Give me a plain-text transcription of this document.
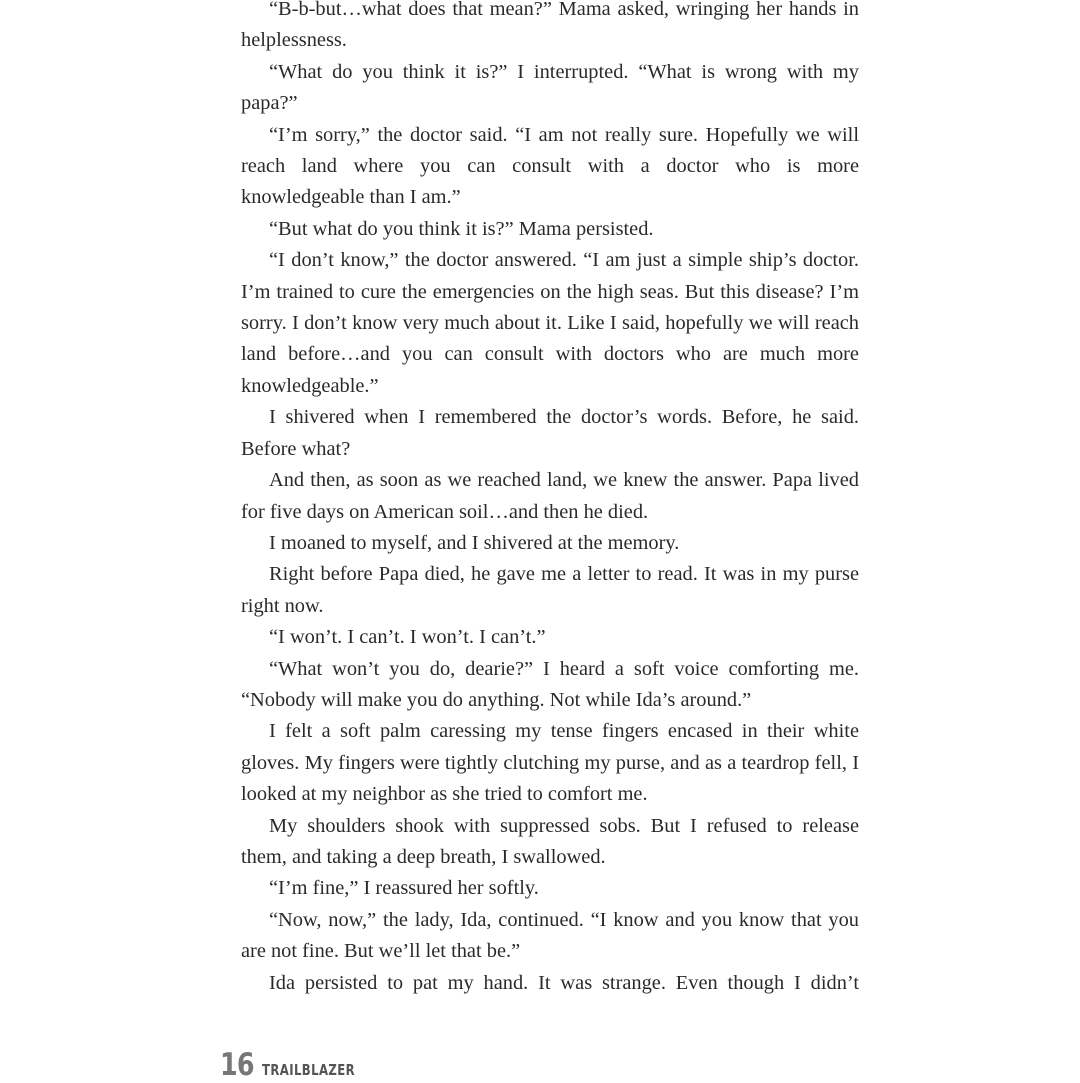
“B-b-but…what does that mean?” Mama asked, wringing her hands in helplessness.

“What do you think it is?” I interrupted. “What is wrong with my papa?”

“I’m sorry,” the doctor said. “I am not really sure. Hopefully we will reach land where you can consult with a doctor who is more knowledgeable than I am.”

“But what do you think it is?” Mama persisted.

“I don’t know,” the doctor answered. “I am just a simple ship’s doctor. I’m trained to cure the emergencies on the high seas. But this disease? I’m sorry. I don’t know very much about it. Like I said, hopefully we will reach land before…and you can consult with doctors who are much more knowledgeable.”

I shivered when I remembered the doctor’s words. Before, he said. Before what?

And then, as soon as we reached land, we knew the answer. Papa lived for five days on American soil…and then he died.

I moaned to myself, and I shivered at the memory.

Right before Papa died, he gave me a letter to read. It was in my purse right now.

“I won’t. I can’t. I won’t. I can’t.”

“What won’t you do, dearie?” I heard a soft voice comforting me. “Nobody will make you do anything. Not while Ida’s around.”

I felt a soft palm caressing my tense fingers encased in their white gloves. My fingers were tightly clutching my purse, and as a teardrop fell, I looked at my neighbor as she tried to comfort me.

My shoulders shook with suppressed sobs. But I refused to release them, and taking a deep breath, I swallowed.

“I’m fine,” I reassured her softly.

“Now, now,” the lady, Ida, continued. “I know and you know that you are not fine. But we’ll let that be.”

Ida persisted to pat my hand. It was strange. Even though I didn’t

16 TRAILBLAZER
